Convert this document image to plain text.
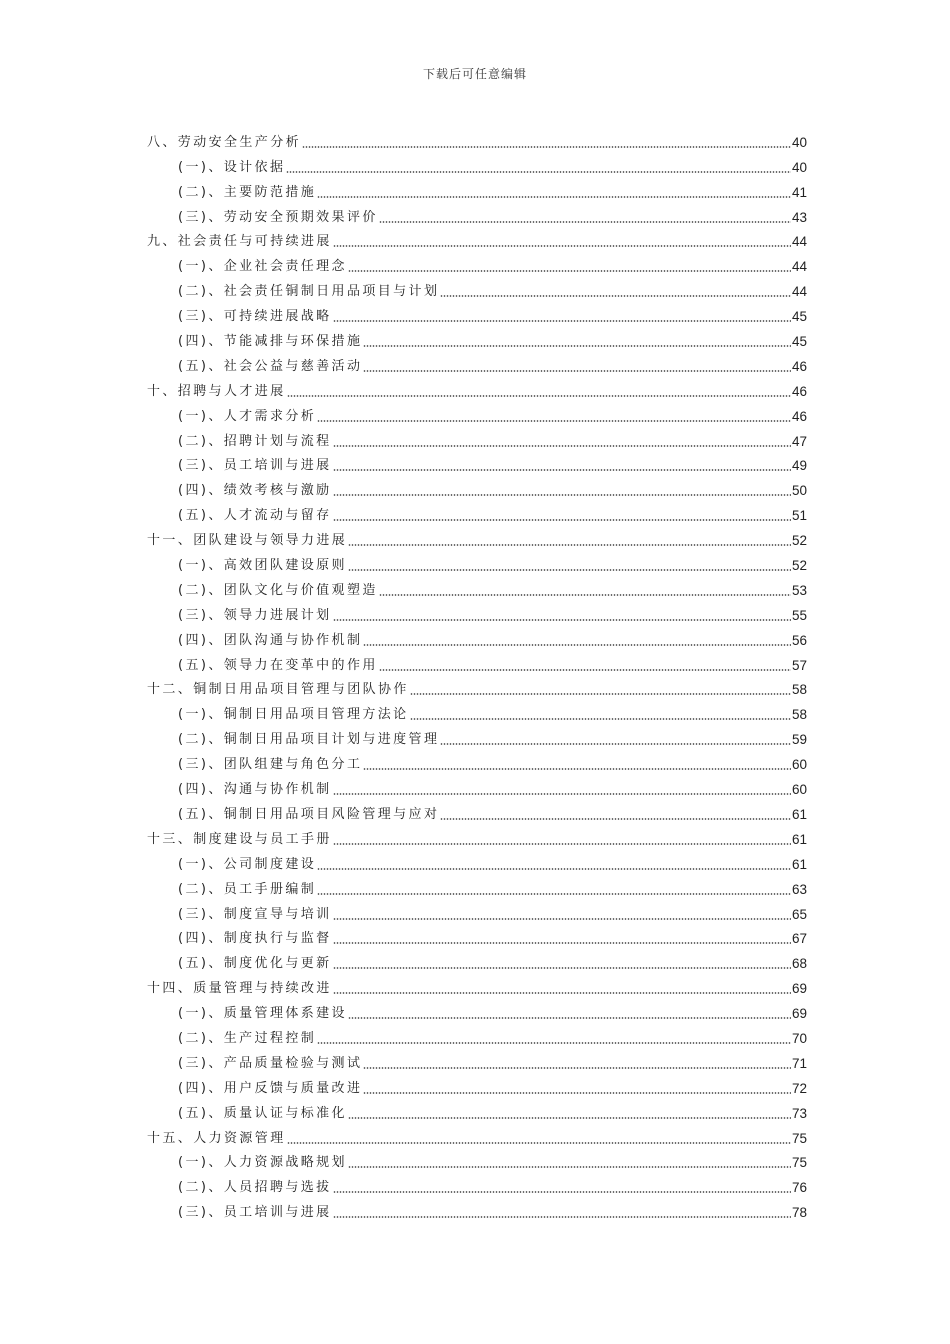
下载后可任意编辑
八、劳动安全生产分析	40
(一)、设计依据	40
(二)、主要防范措施	41
(三)、劳动安全预期效果评价	43
九、社会责任与可持续进展	44
(一)、企业社会责任理念	44
(二)、社会责任铜制日用品项目与计划	44
(三)、可持续进展战略	45
(四)、节能减排与环保措施	45
(五)、社会公益与慈善活动	46
十、招聘与人才进展	46
(一)、人才需求分析	46
(二)、招聘计划与流程	47
(三)、员工培训与进展	49
(四)、绩效考核与激励	50
(五)、人才流动与留存	51
十一、团队建设与领导力进展	52
(一)、高效团队建设原则	52
(二)、团队文化与价值观塑造	53
(三)、领导力进展计划	55
(四)、团队沟通与协作机制	56
(五)、领导力在变革中的作用	57
十二、铜制日用品项目管理与团队协作	58
(一)、铜制日用品项目管理方法论	58
(二)、铜制日用品项目计划与进度管理	59
(三)、团队组建与角色分工	60
(四)、沟通与协作机制	60
(五)、铜制日用品项目风险管理与应对	61
十三、制度建设与员工手册	61
(一)、公司制度建设	61
(二)、员工手册编制	63
(三)、制度宣导与培训	65
(四)、制度执行与监督	67
(五)、制度优化与更新	68
十四、质量管理与持续改进	69
(一)、质量管理体系建设	69
(二)、生产过程控制	70
(三)、产品质量检验与测试	71
(四)、用户反馈与质量改进	72
(五)、质量认证与标准化	73
十五、人力资源管理	75
(一)、人力资源战略规划	75
(二)、人员招聘与选拔	76
(三)、员工培训与进展	78
